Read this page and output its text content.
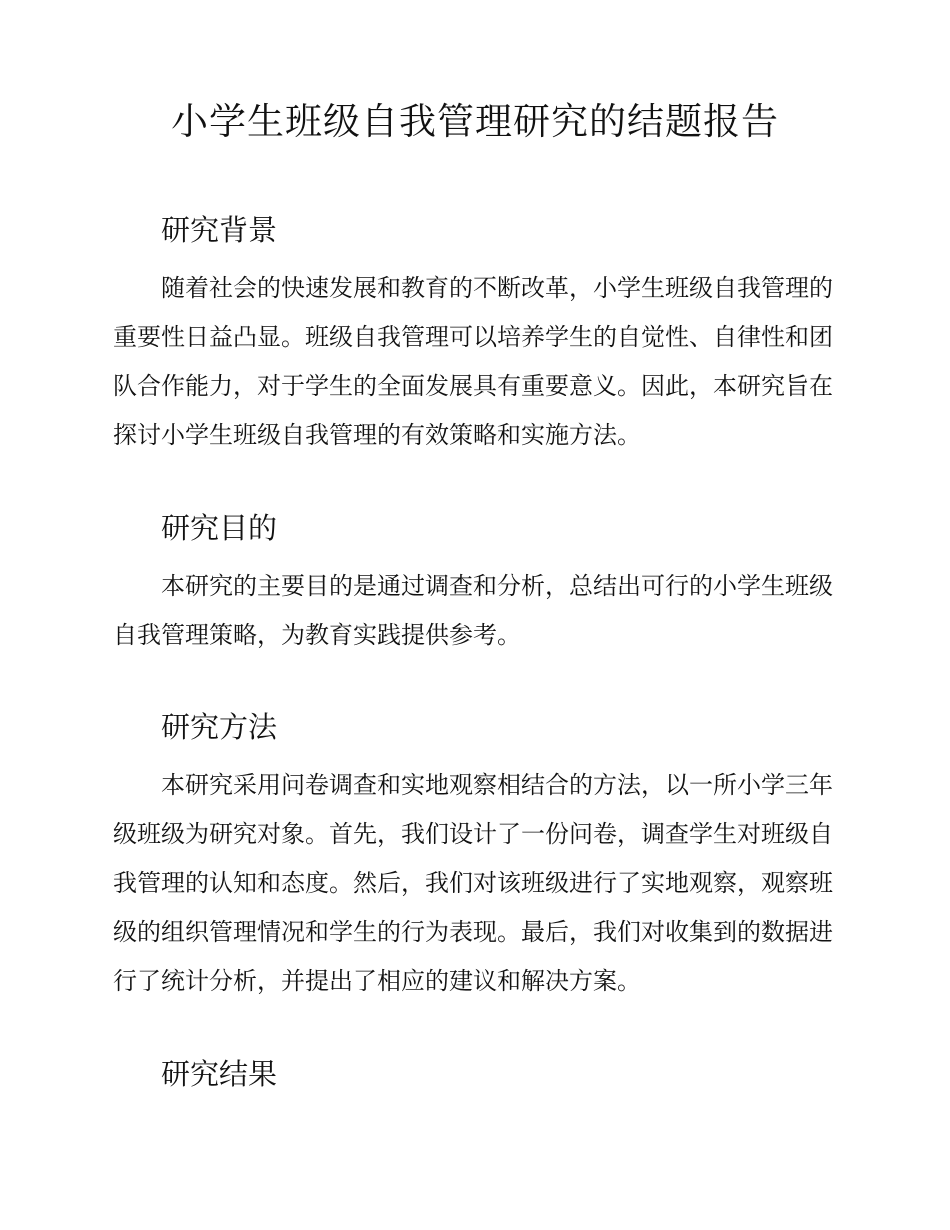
小学生班级自我管理研究的结题报告
研究背景

随着社会的快速发展和教育的不断改革，小学生班级自我管理的重要性日益凸显。班级自我管理可以培养学生的自觉性、自律性和团队合作能力，对于学生的全面发展具有重要意义。因此，本研究旨在探讨小学生班级自我管理的有效策略和实施方法。

研究目的

本研究的主要目的是通过调查和分析，总结出可行的小学生班级自我管理策略，为教育实践提供参考。

研究方法

本研究采用问卷调查和实地观察相结合的方法，以一所小学三年级班级为研究对象。首先，我们设计了一份问卷，调查学生对班级自我管理的认知和态度。然后，我们对该班级进行了实地观察，观察班级的组织管理情况和学生的行为表现。最后，我们对收集到的数据进行了统计分析，并提出了相应的建议和解决方案。

研究结果
